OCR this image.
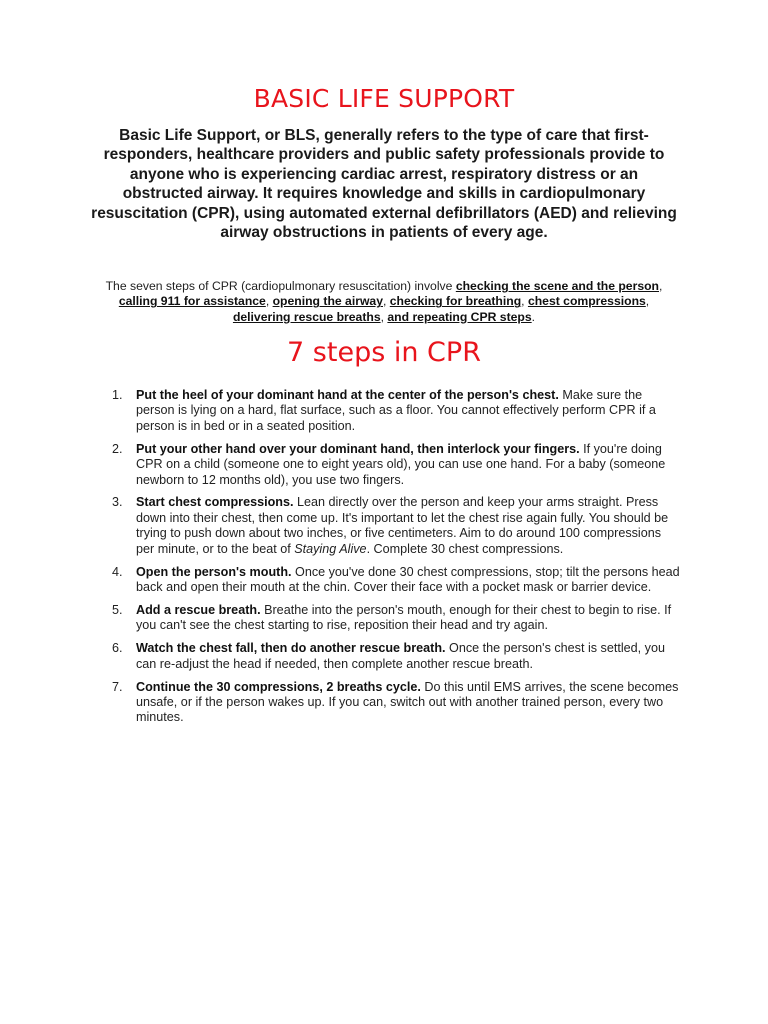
BASIC LIFE SUPPORT
Basic Life Support, or BLS, generally refers to the type of care that first-responders, healthcare providers and public safety professionals provide to anyone who is experiencing cardiac arrest, respiratory distress or an obstructed airway. It requires knowledge and skills in cardiopulmonary resuscitation (CPR), using automated external defibrillators (AED) and relieving airway obstructions in patients of every age.
The seven steps of CPR (cardiopulmonary resuscitation) involve checking the scene and the person, calling 911 for assistance, opening the airway, checking for breathing, chest compressions, delivering rescue breaths, and repeating CPR steps.
7 steps in CPR
1. Put the heel of your dominant hand at the center of the person's chest. Make sure the person is lying on a hard, flat surface, such as a floor. You cannot effectively perform CPR if a person is in bed or in a seated position.
2. Put your other hand over your dominant hand, then interlock your fingers. If you're doing CPR on a child (someone one to eight years old), you can use one hand. For a baby (someone newborn to 12 months old), you use two fingers.
3. Start chest compressions. Lean directly over the person and keep your arms straight. Press down into their chest, then come up. It's important to let the chest rise again fully. You should be trying to push down about two inches, or five centimeters. Aim to do around 100 compressions per minute, or to the beat of Staying Alive. Complete 30 chest compressions.
4. Open the person's mouth. Once you've done 30 chest compressions, stop; tilt the persons head back and open their mouth at the chin. Cover their face with a pocket mask or barrier device.
5. Add a rescue breath. Breathe into the person's mouth, enough for their chest to begin to rise. If you can't see the chest starting to rise, reposition their head and try again.
6. Watch the chest fall, then do another rescue breath. Once the person's chest is settled, you can re-adjust the head if needed, then complete another rescue breath.
7. Continue the 30 compressions, 2 breaths cycle. Do this until EMS arrives, the scene becomes unsafe, or if the person wakes up. If you can, switch out with another trained person, every two minutes.
